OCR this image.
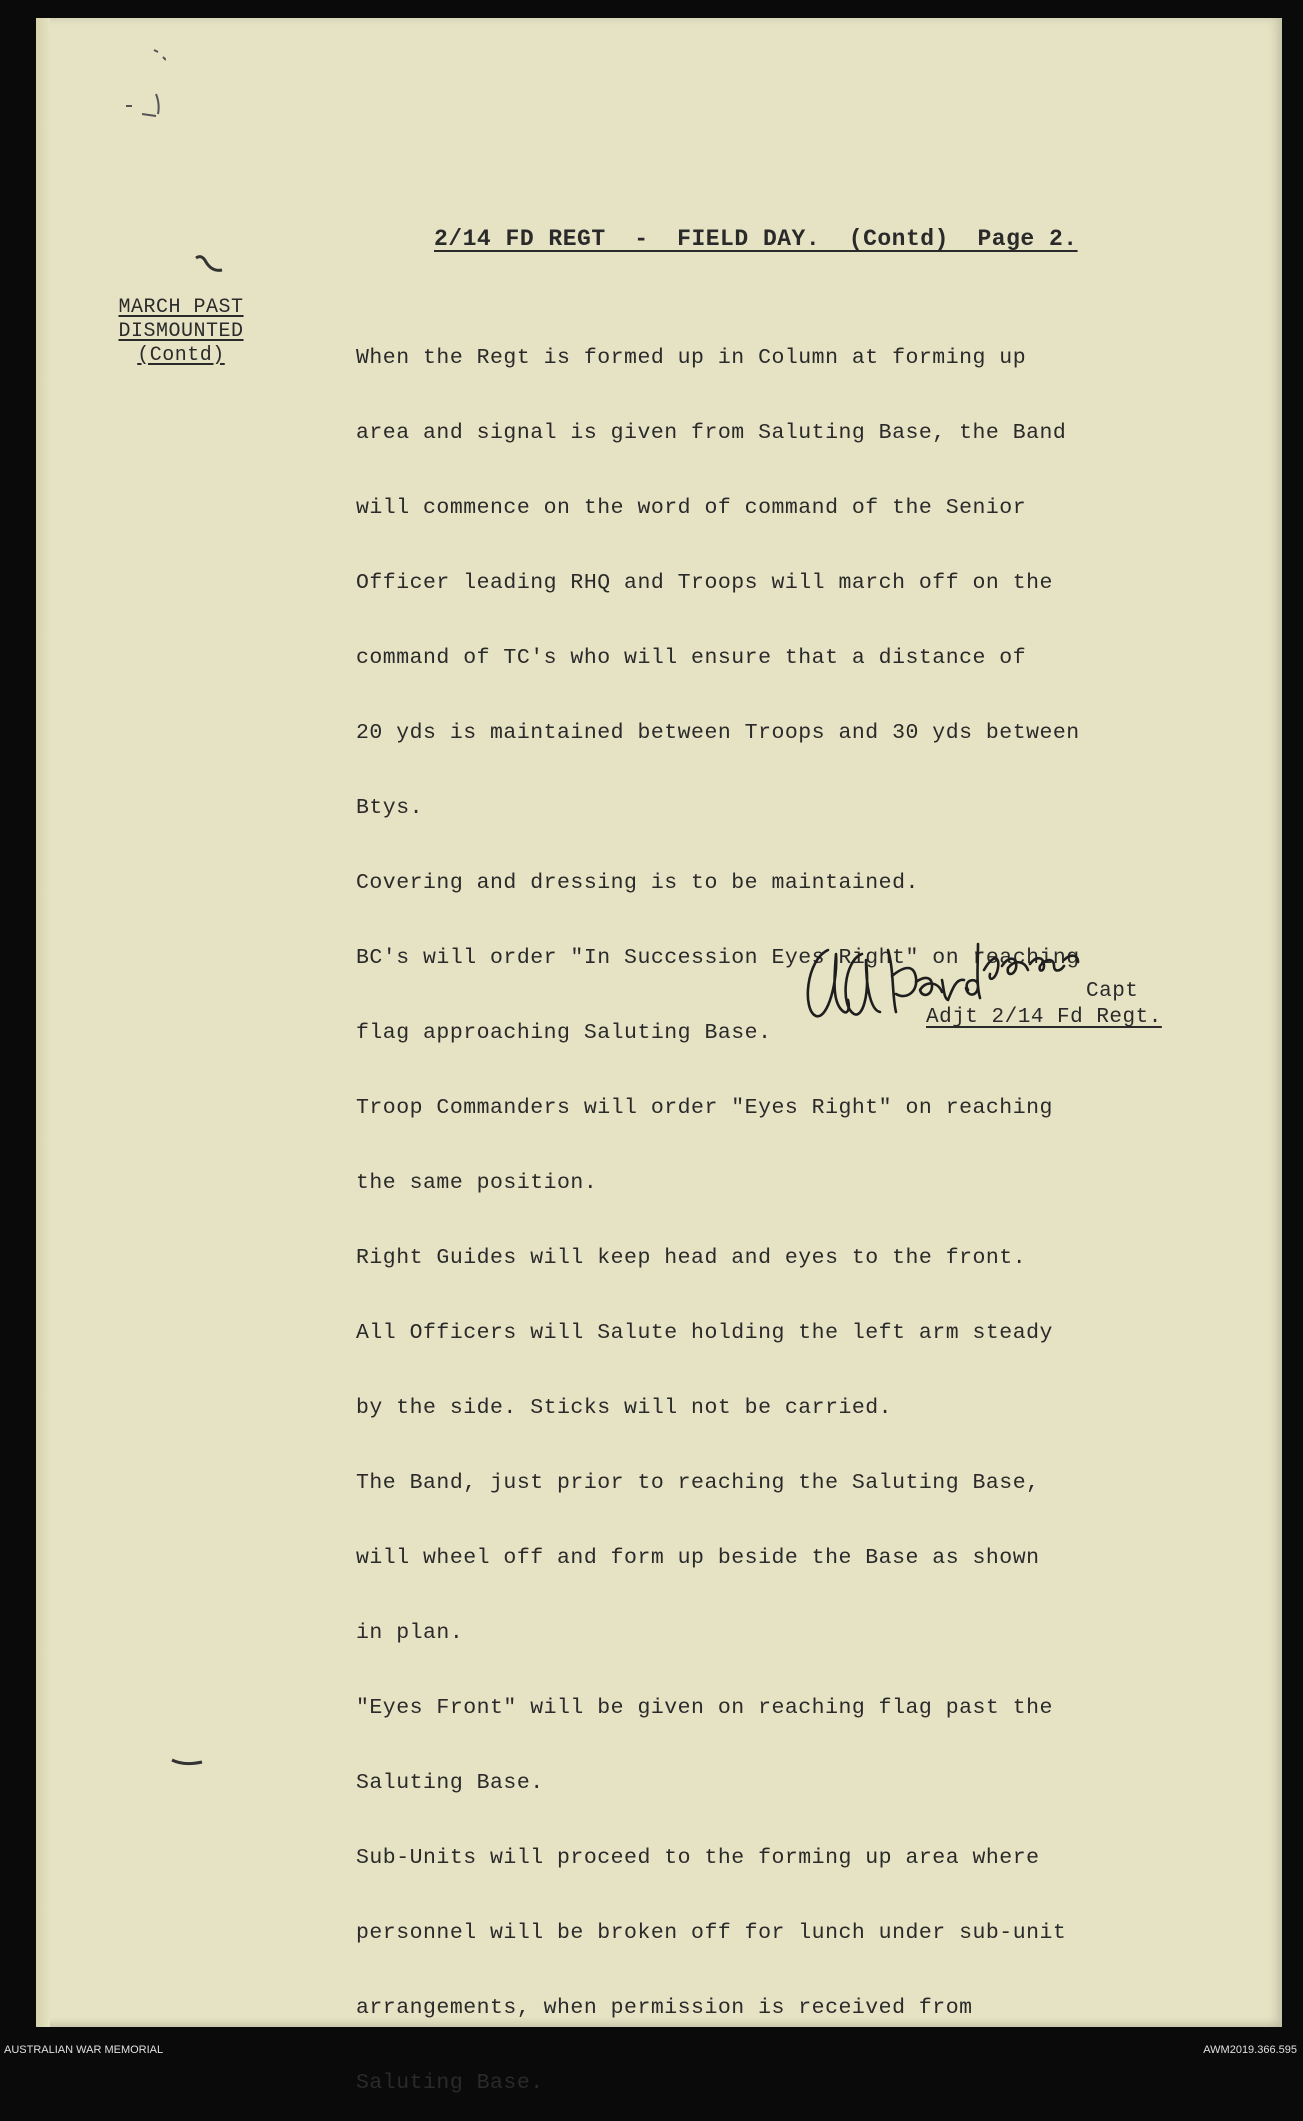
2/14 FD REGT  -  FIELD DAY.  (Contd)  Page 2.
MARCH PAST
DISMOUNTED
(Contd)

	When the Regt is formed up in Column at forming up

area and signal is given from Saluting Base, the Band

will commence on the word of command of the Senior

Officer leading RHQ and Troops will march off on the

command of TC's who will ensure that a distance of

20 yds is maintained between Troops and 30 yds between

Btys.

Covering and dressing is to be maintained.

BC's will order "In Succession Eyes Right" on reaching

flag approaching Saluting Base.

Troop Commanders will order "Eyes Right" on reaching

the same position.

Right Guides will keep head and eyes to the front.

All Officers will Salute holding the left arm steady

by the side. Sticks will not be carried.

The Band, just prior to reaching the Saluting Base,

will wheel off and form up beside the Base as shown

in plan.

"Eyes Front" will be given on reaching flag past the

Saluting Base.

Sub-Units will proceed to the forming up area where

personnel will be broken off for lunch under sub-unit

arrangements, when permission is received from

Saluting Base.

Capt
Adjt 2/14 Fd Regt.
AUSTRALIAN WAR MEMORIAL	AWM2019.366.595
